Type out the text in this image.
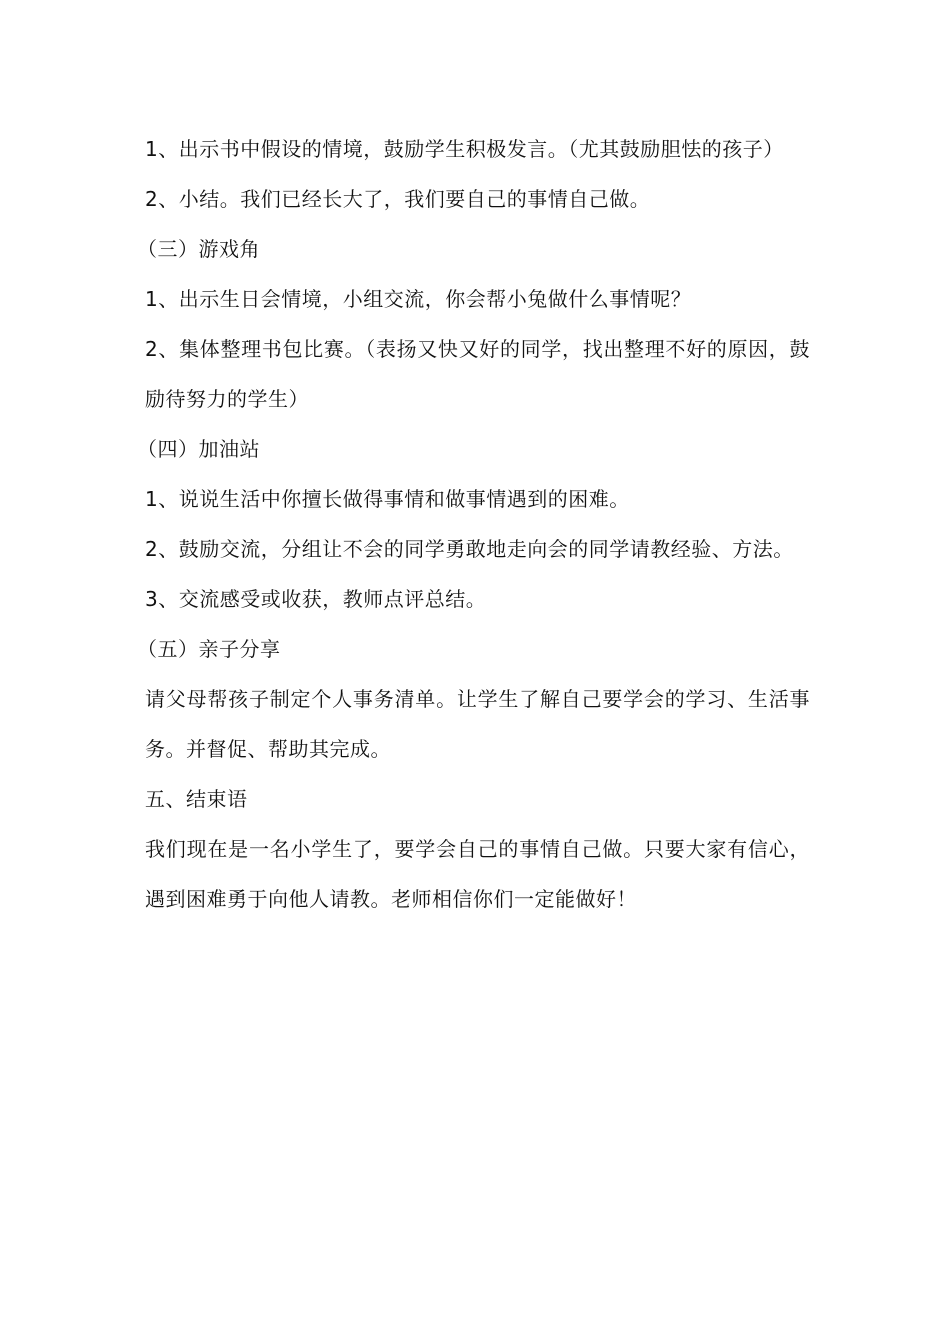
1、出示书中假设的情境，鼓励学生积极发言。（尤其鼓励胆怯的孩子）

2、小结。我们已经长大了，我们要自己的事情自己做。

（三）游戏角

1、出示生日会情境，小组交流，你会帮小兔做什么事情呢？

2、集体整理书包比赛。（表扬又快又好的同学，找出整理不好的原因，鼓励待努力的学生）

（四）加油站

1、说说生活中你擅长做得事情和做事情遇到的困难。

2、鼓励交流，分组让不会的同学勇敢地走向会的同学请教经验、方法。

3、交流感受或收获，教师点评总结。

（五）亲子分享

请父母帮孩子制定个人事务清单。让学生了解自己要学会的学习、生活事务。并督促、帮助其完成。

五、结束语

我们现在是一名小学生了，要学会自己的事情自己做。只要大家有信心，遇到困难勇于向他人请教。老师相信你们一定能做好！
